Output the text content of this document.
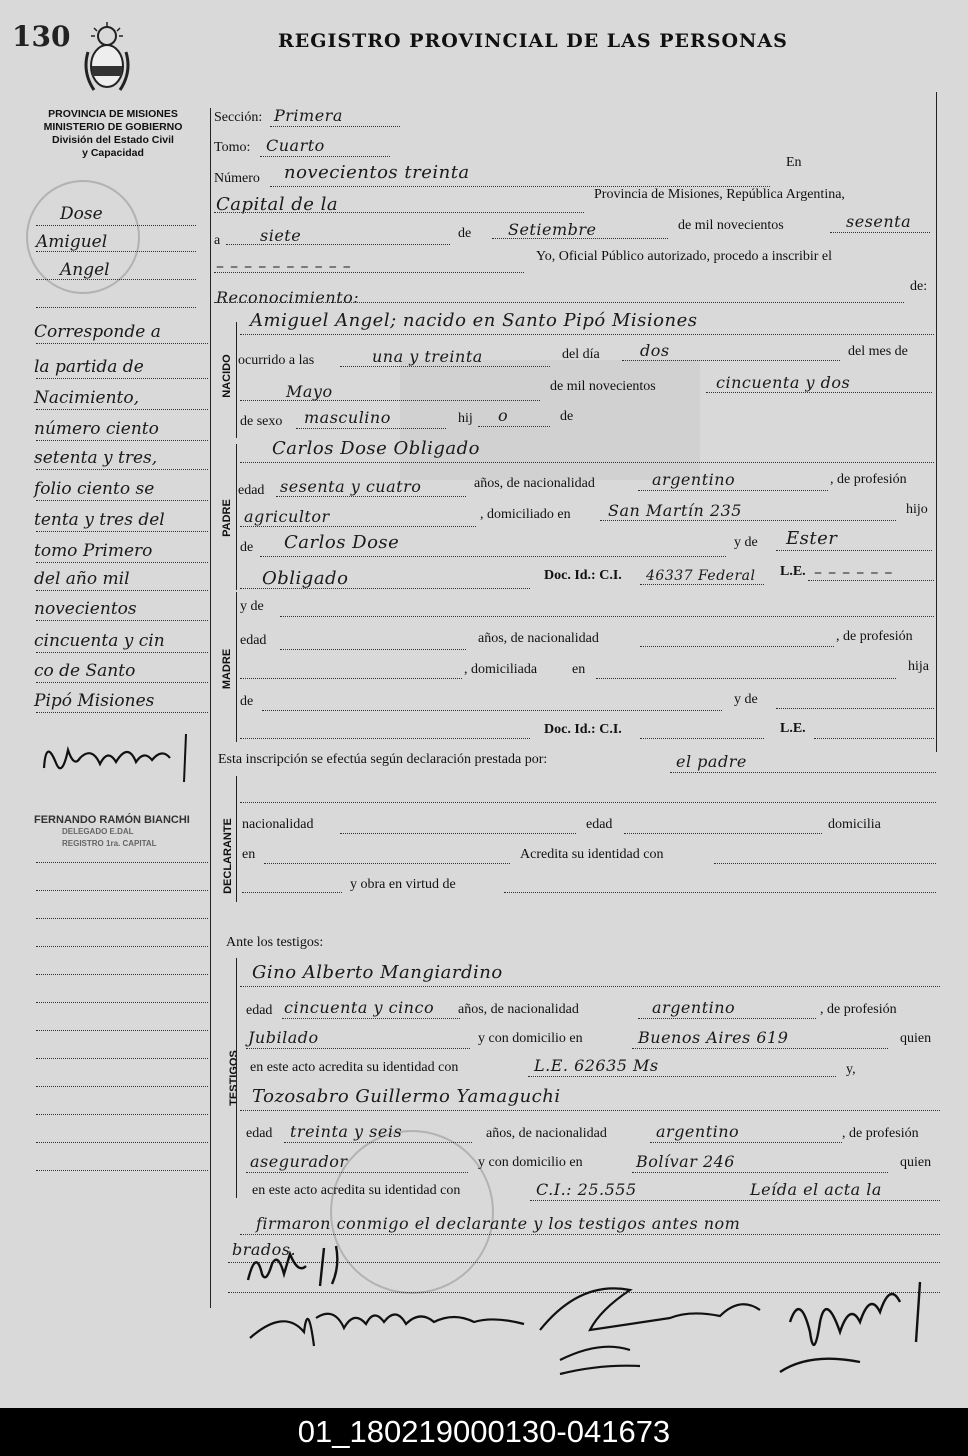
130	REGISTRO PROVINCIAL DE LAS PERSONAS
PROVINCIA DE MISIONES
MINISTERIO DE GOBIERNO
División del Estado Civil
y Capacidad
Dose
Amiguel
Angel
Corresponde a
la partida de
Nacimiento,
número ciento
setenta y tres,
folio ciento se
tenta y tres del
tomo Primero
del año mil
novecientos
cincuenta y cin
co de Santo
Pipó Misiones
FERNANDO RAMÓN BIANCHI
DELEGADO E.DAL
REGISTRO 1ra. CAPITAL
Sección: Primera
Tomo: Cuarto
Número novecientos treinta	En
Capital de la	Provincia de Misiones, República Argentina,
a siete	de Setiembre	de mil novecientos	sesenta
– – – – – – – – – –	Yo, Oficial Público autorizado, procedo a inscribir el
Reconocimiento:
de:
NACIDO
Amiguel Angel; nacido en Santo Pipó Misiones
ocurrido a las	una y treinta	del día	dos	del mes de
Mayo	de mil novecientos	cincuenta y dos
de sexo masculino	hij o	de
PADRE
Carlos Dose Obligado
edad sesenta y cuatro	años, de nacionalidad	argentino	, de profesión
agricultor	, domiciliado en San Martín 235	hijo
de Carlos Dose	y de Ester
Obligado	Doc. Id.: C.I. 46337 Federal L.E. – – – – – –
MADRE
y de
edad	años, de nacionalidad	, de profesión
, domiciliada en	hija
de	y de
Doc. Id.: C.I.	L.E.
Esta inscripción se efectúa según declaración prestada por:	el padre
DECLARANTE nacionalidad	edad	domicilia
en	Acredita su identidad con
y obra en virtud de
Ante los testigos:
TESTIGOS
Gino Alberto Mangiardino
edad cincuenta y cinco años, de nacionalidad	argentino	, de profesión
Jubilado	y con domicilio en	Buenos Aires 619	quien
en este acto acredita su identidad con	L.E. 62635 Ms	y,
Tozosabro Guillermo Yamaguchi
edad treinta y seis	años, de nacionalidad	argentino	, de profesión
asegurador	y con domicilio en	Bolívar 246	quien
en este acto acredita su identidad con	C.I.: 25.555	Leída el acta la
firmaron conmigo el declarante y los testigos antes nom
brados.
01_180219000130-041673
